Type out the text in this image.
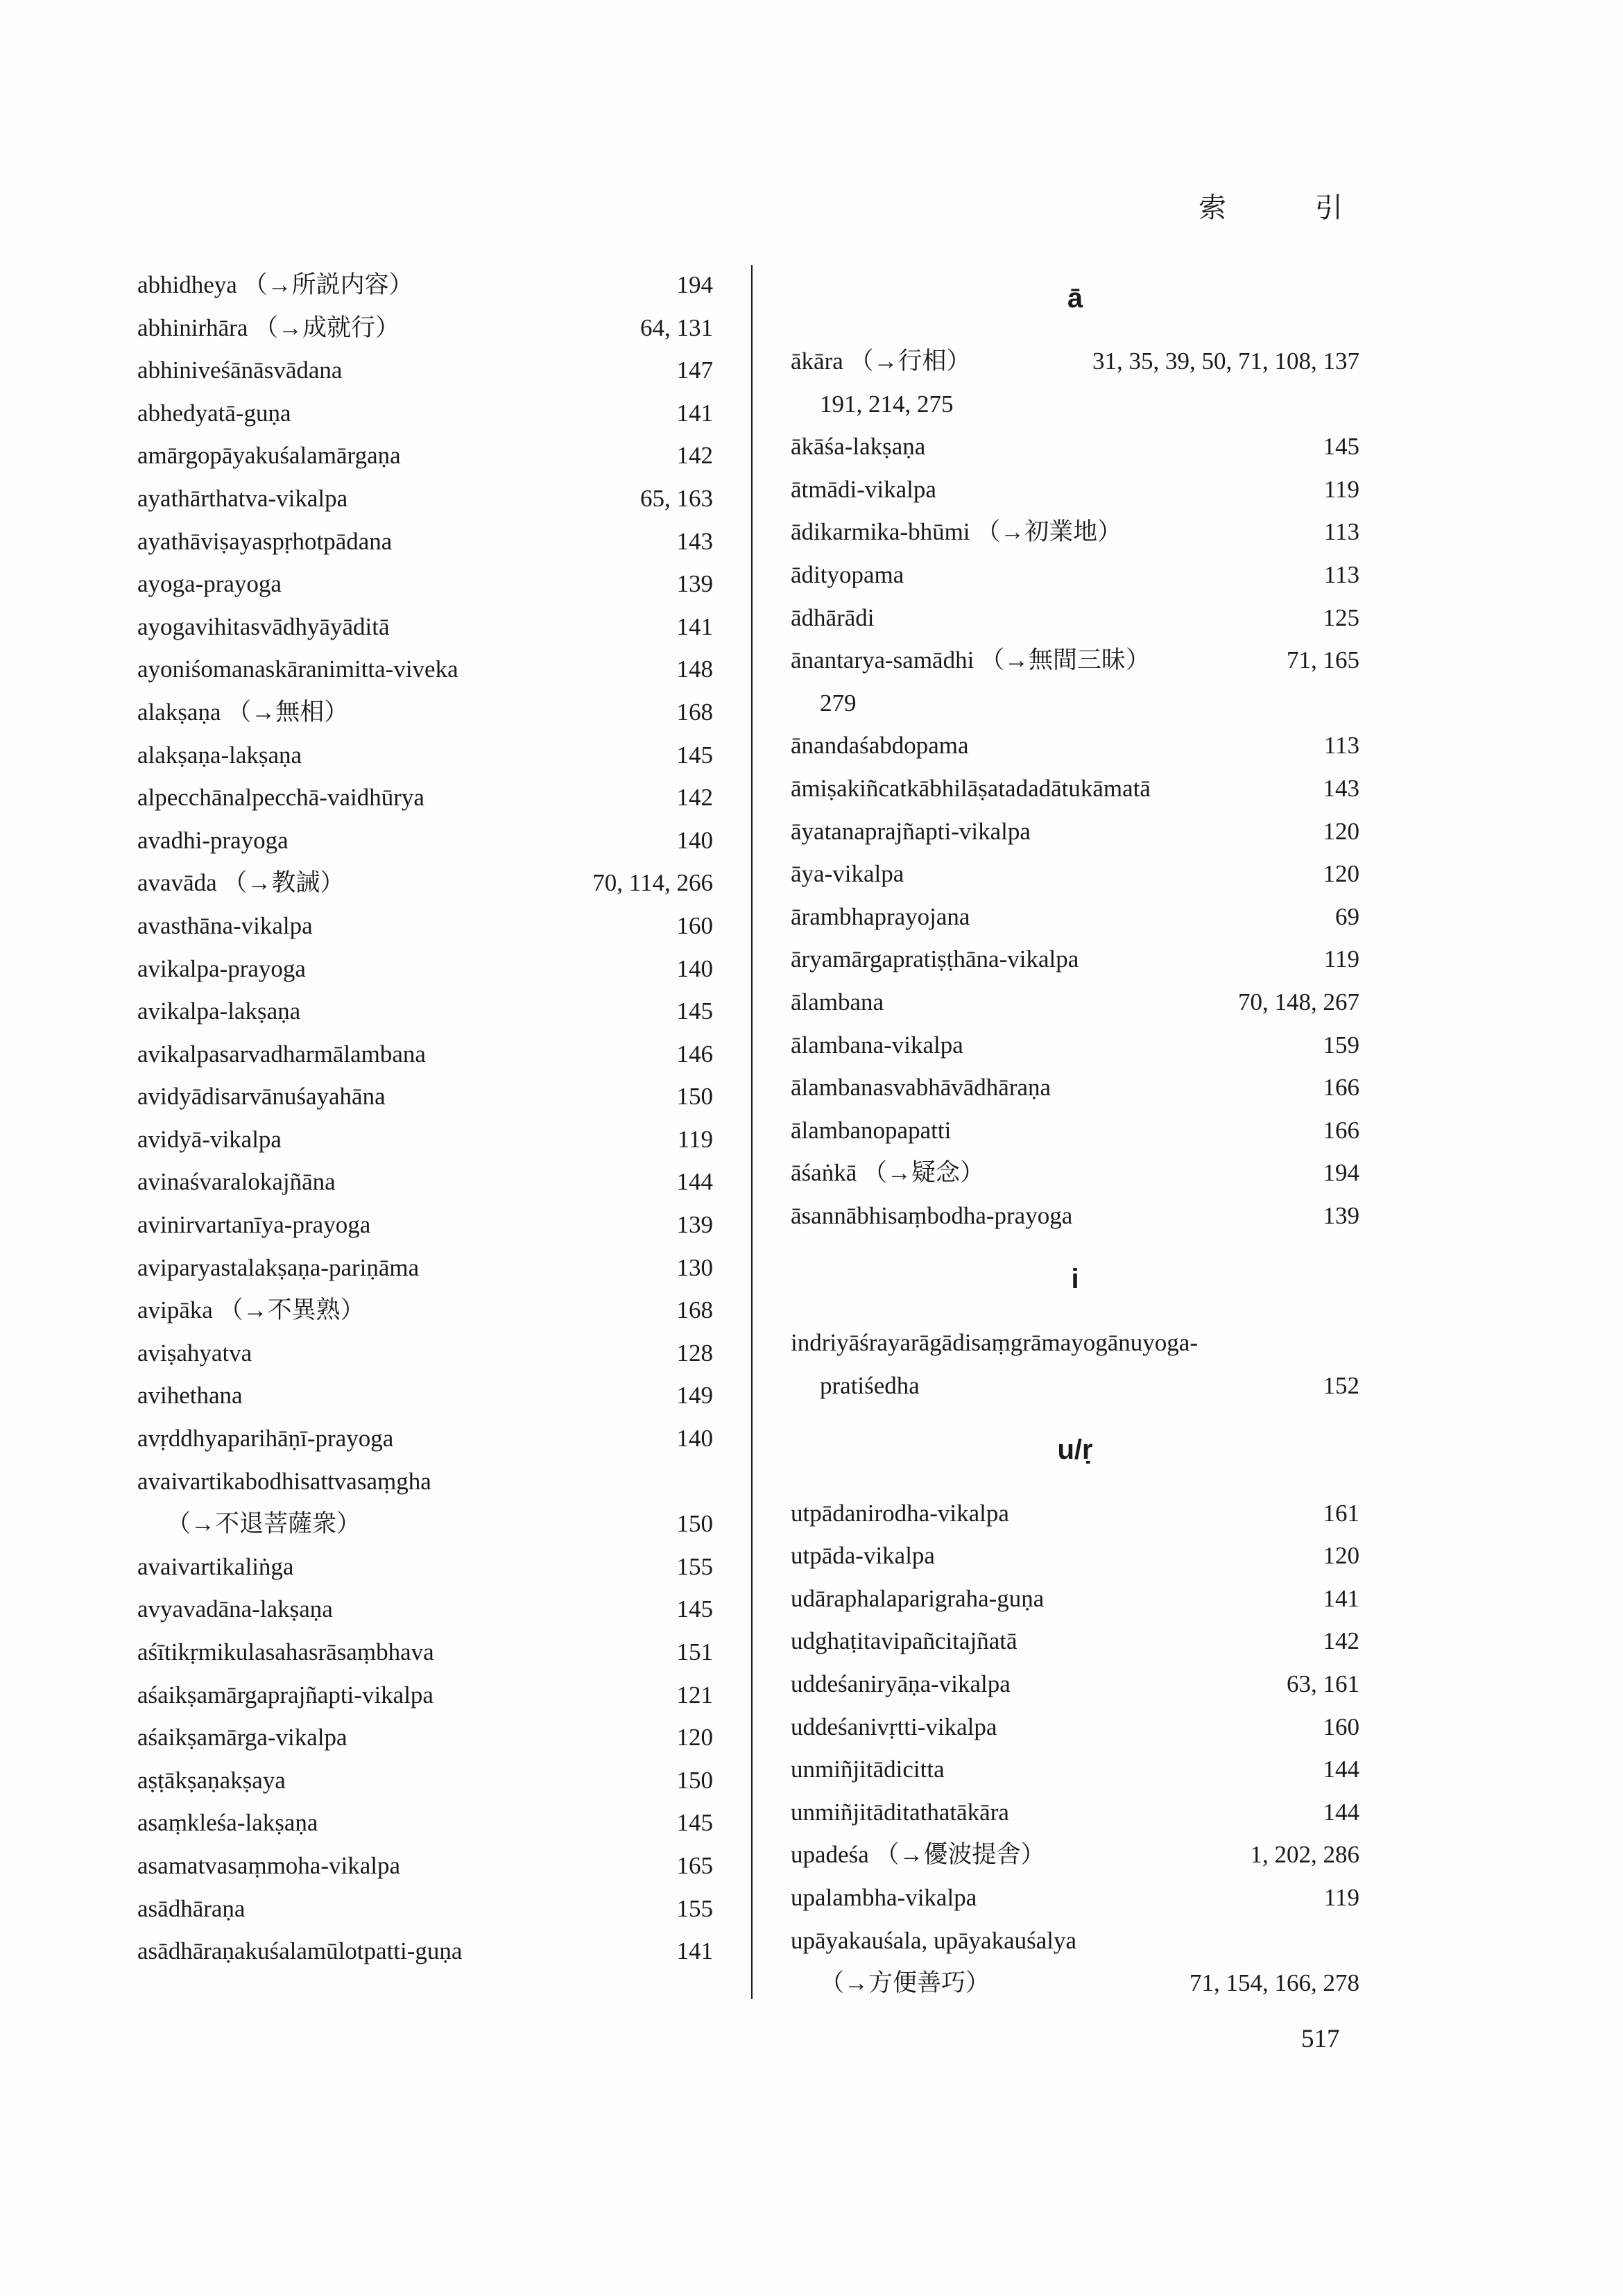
索	引
abhidheya （→所説内容）	194
abhinirhāra （→成就行）	64, 131
abhiniveśānāsvādana	147
abhedyatā-guṇa	141
amārgopāyakuśalamārgaṇa	142
ayathārthatva-vikalpa	65, 163
ayathāviṣayaspṛhotpādana	143
ayoga-prayoga	139
ayogavihitasvādhyāyāditā	141
ayoniśomanaskāranimitta-viveka	148
alakṣaṇa （→無相）	168
alakṣaṇa-lakṣaṇa	145
alpecchānalpecchā-vaidhūrya	142
avadhi-prayoga	140
avavāda （→教誡）	70, 114, 266
avasthāna-vikalpa	160
avikalpa-prayoga	140
avikalpa-lakṣaṇa	145
avikalpasarvadharmālambana	146
avidyādisarvānuśayahāna	150
avidyā-vikalpa	119
avinaśvaralokajñāna	144
avinirvartanīya-prayoga	139
aviparyastalakṣaṇa-pariṇāma	130
avipāka （→不異熟）	168
aviṣahyatva	128
avihethana	149
avṛddhyaparihāṇī-prayoga	140
avaivartikabodhisattvasaṃgha
（→不退菩薩衆）	150
avaivartikaliṅga	155
avyavadāna-lakṣaṇa	145
aśītikṛmikulasahasrāsaṃbhava	151
aśaikṣamārgaprajñapti-vikalpa	121
aśaikṣamārga-vikalpa	120
aṣṭākṣaṇakṣaya	150
asaṃkleśa-lakṣaṇa	145
asamatvasaṃmoha-vikalpa	165
asādhāraṇa	155
asādhāraṇakuśalamūlotpatti-guṇa	141
ā
ākāra （→行相）	31, 35, 39, 50, 71, 108, 137
191, 214, 275
ākāśa-lakṣaṇa	145
ātmādi-vikalpa	119
ādikarmika-bhūmi （→初業地）	113
ādityopama	113
ādhārādi	125
ānantarya-samādhi （→無間三昧）	71, 165
279
ānandaśabdopama	113
āmiṣakiñcatkābhilāṣatadadātukāmatā	143
āyatanaprajñapti-vikalpa	120
āya-vikalpa	120
ārambhaprayojana	69
āryamārgapratiṣṭhāna-vikalpa	119
ālambana	70, 148, 267
ālambana-vikalpa	159
ālambanasvabhāvādhāraṇa	166
ālambanopapatti	166
āśaṅkā （→疑念）	194
āsannābhisaṃbodha-prayoga	139
i
indriyāśrayarāgādisaṃgrāmayogānuyoga-
pratiśedha	152
u/ṛ
utpādanirodha-vikalpa	161
utpāda-vikalpa	120
udāraphalaparigraha-guṇa	141
udghaṭitavipañcitajñatā	142
uddeśaniryāṇa-vikalpa	63, 161
uddeśanivṛtti-vikalpa	160
unmiñjitādicitta	144
unmiñjitāditathatākāra	144
upadeśa （→優波提舎）	1, 202, 286
upalambha-vikalpa	119
upāyakauśala, upāyakauśalya
（→方便善巧）	71, 154, 166, 278
517
